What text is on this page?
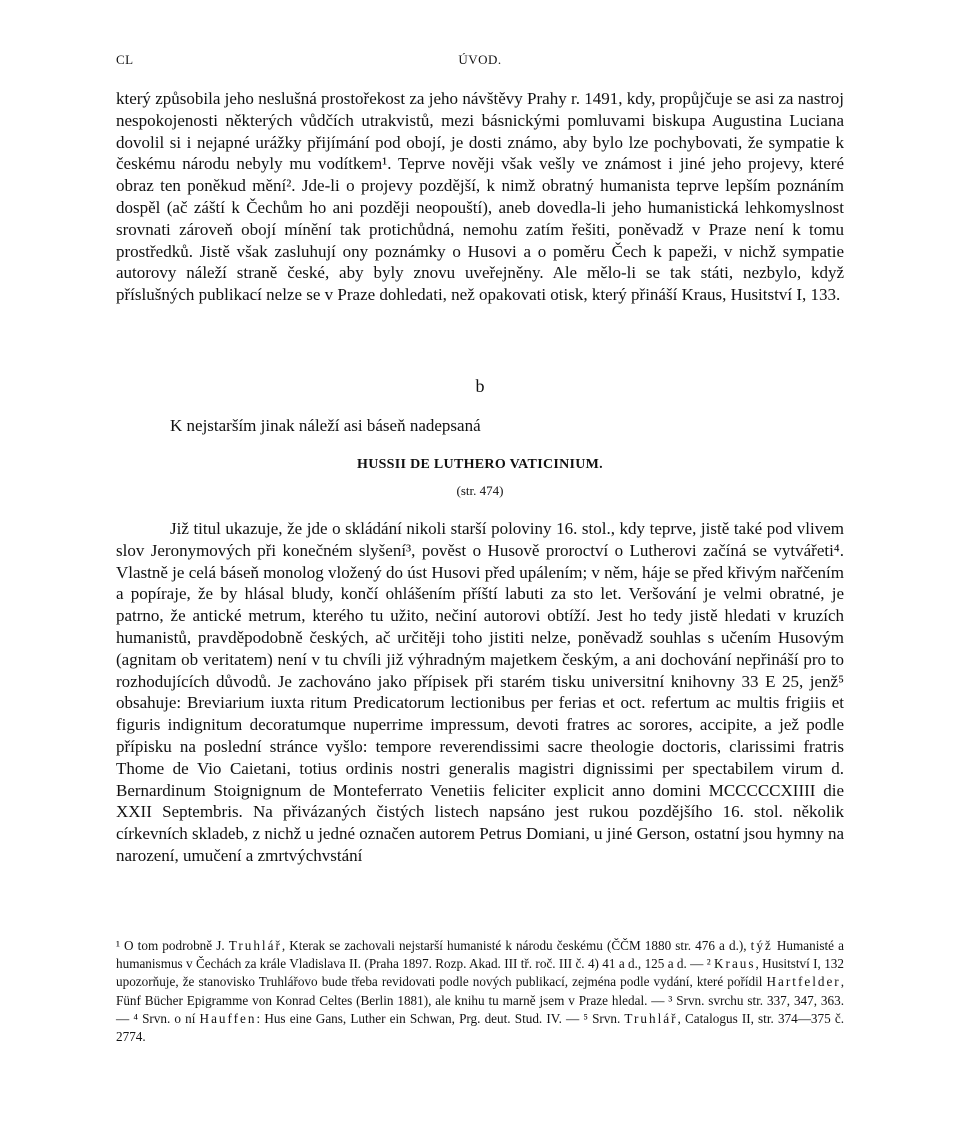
CL	ÚVOD.

který způsobila jeho neslušná prostořekost za jeho návštěvy Prahy r. 1491, kdy, propůjčuje se asi za nastroj nespokojenosti některých vůdčích utrakvistů, mezi básnickými pomluvami biskupa Augustina Luciana dovolil si i nejapné urážky přijímání pod obojí, je dosti známo, aby bylo lze pochybovati, že sympatie k českému národu nebyly mu vodítkem¹. Teprve nověji však vešly ve známost i jiné jeho projevy, které obraz ten poněkud mění². Jde-li o projevy pozdější, k nimž obratný humanista teprve lepším poznáním dospěl (ač záští k Čechům ho ani později neopouští), aneb dovedla-li jeho humanistická lehkomyslnost srovnati zároveň obojí mínění tak protichůdná, nemohu zatím řešiti, poněvadž v Praze není k tomu prostředků. Jistě však zasluhují ony poznámky o Husovi a o poměru Čech k papeži, v nichž sympatie autorovy náleží straně české, aby byly znovu uveřejněny. Ale mělo-li se tak státi, nezbylo, když příslušných publikací nelze se v Praze dohledati, než opakovati otisk, který přináší Kraus, Husitství I, 133.

b

K nejstarším jinak náleží asi báseň nadepsaná

HUSSII DE LUTHERO VATICINIUM.
(str. 474)

Již titul ukazuje, že jde o skládání nikoli starší poloviny 16. stol., kdy teprve, jistě také pod vlivem slov Jeronymových při konečném slyšení³, pověst o Husově proroctví o Lutherovi začíná se vytvářeti⁴. Vlastně je celá báseň monolog vložený do úst Husovi před upálením; v něm, háje se před křivým nařčením a popíraje, že by hlásal bludy, končí ohlášením příští labuti za sto let. Veršování je velmi obratné, je patrno, že antické metrum, kterého tu užito, nečiní autorovi obtíží. Jest ho tedy jistě hledati v kruzích humanistů, pravděpodobně českých, ač určitěji toho jistiti nelze, poněvadž souhlas s učením Husovým (agnitam ob veritatem) není v tu chvíli již výhradným majetkem českým, a ani dochování nepřináší pro to rozhodujících důvodů. Je zachováno jako přípisek při starém tisku universitní knihovny 33 E 25, jenž⁵ obsahuje: Breviarium iuxta ritum Predicatorum lectionibus per ferias et oct. refertum ac multis frigiis et figuris indignitum decoratumque nuperrime impressum, devoti fratres ac sorores, accipite, a jež podle přípisku na poslední stránce vyšlo: tempore reverendissimi sacre theologie doctoris, clarissimi fratris Thome de Vio Caietani, totius ordinis nostri generalis magistri dignissimi per spectabilem virum d. Bernardinum Stoignignum de Monteferrato Venetiis feliciter explicit anno domini MCCCCCXIIII die XXII Septembris. Na přivázaných čistých listech napsáno jest rukou pozdějšího 16. stol. několik církevních skladeb, z nichž u jedné označen autorem Petrus Domiani, u jiné Gerson, ostatní jsou hymny na narození, umučení a zmrtvýchvstání

¹ O tom podrobně J. Truhlář, Kterak se zachovali nejstarší humanisté k národu českému (ČČM 1880 str. 476 a d.), týž Humanisté a humanismus v Čechách za krále Vladislava II. (Praha 1897. Rozp. Akad. III tř. roč. III č. 4) 41 a d., 125 a d. — ² Kraus, Husitství I, 132 upozorňuje, že stanovisko Truhlářovo bude třeba revidovati podle nových publikací, zejména podle vydání, které pořídil Hartfelder, Fünf Bücher Epigramme von Konrad Celtes (Berlin 1881), ale knihu tu marně jsem v Praze hledal. — ³ Srvn. svrchu str. 337, 347, 363. — ⁴ Srvn. o ní Hauffen: Hus eine Gans, Luther ein Schwan, Prg. deut. Stud. IV. — ⁵ Srvn. Truhlář, Catalogus II, str. 374—375 č. 2774.
